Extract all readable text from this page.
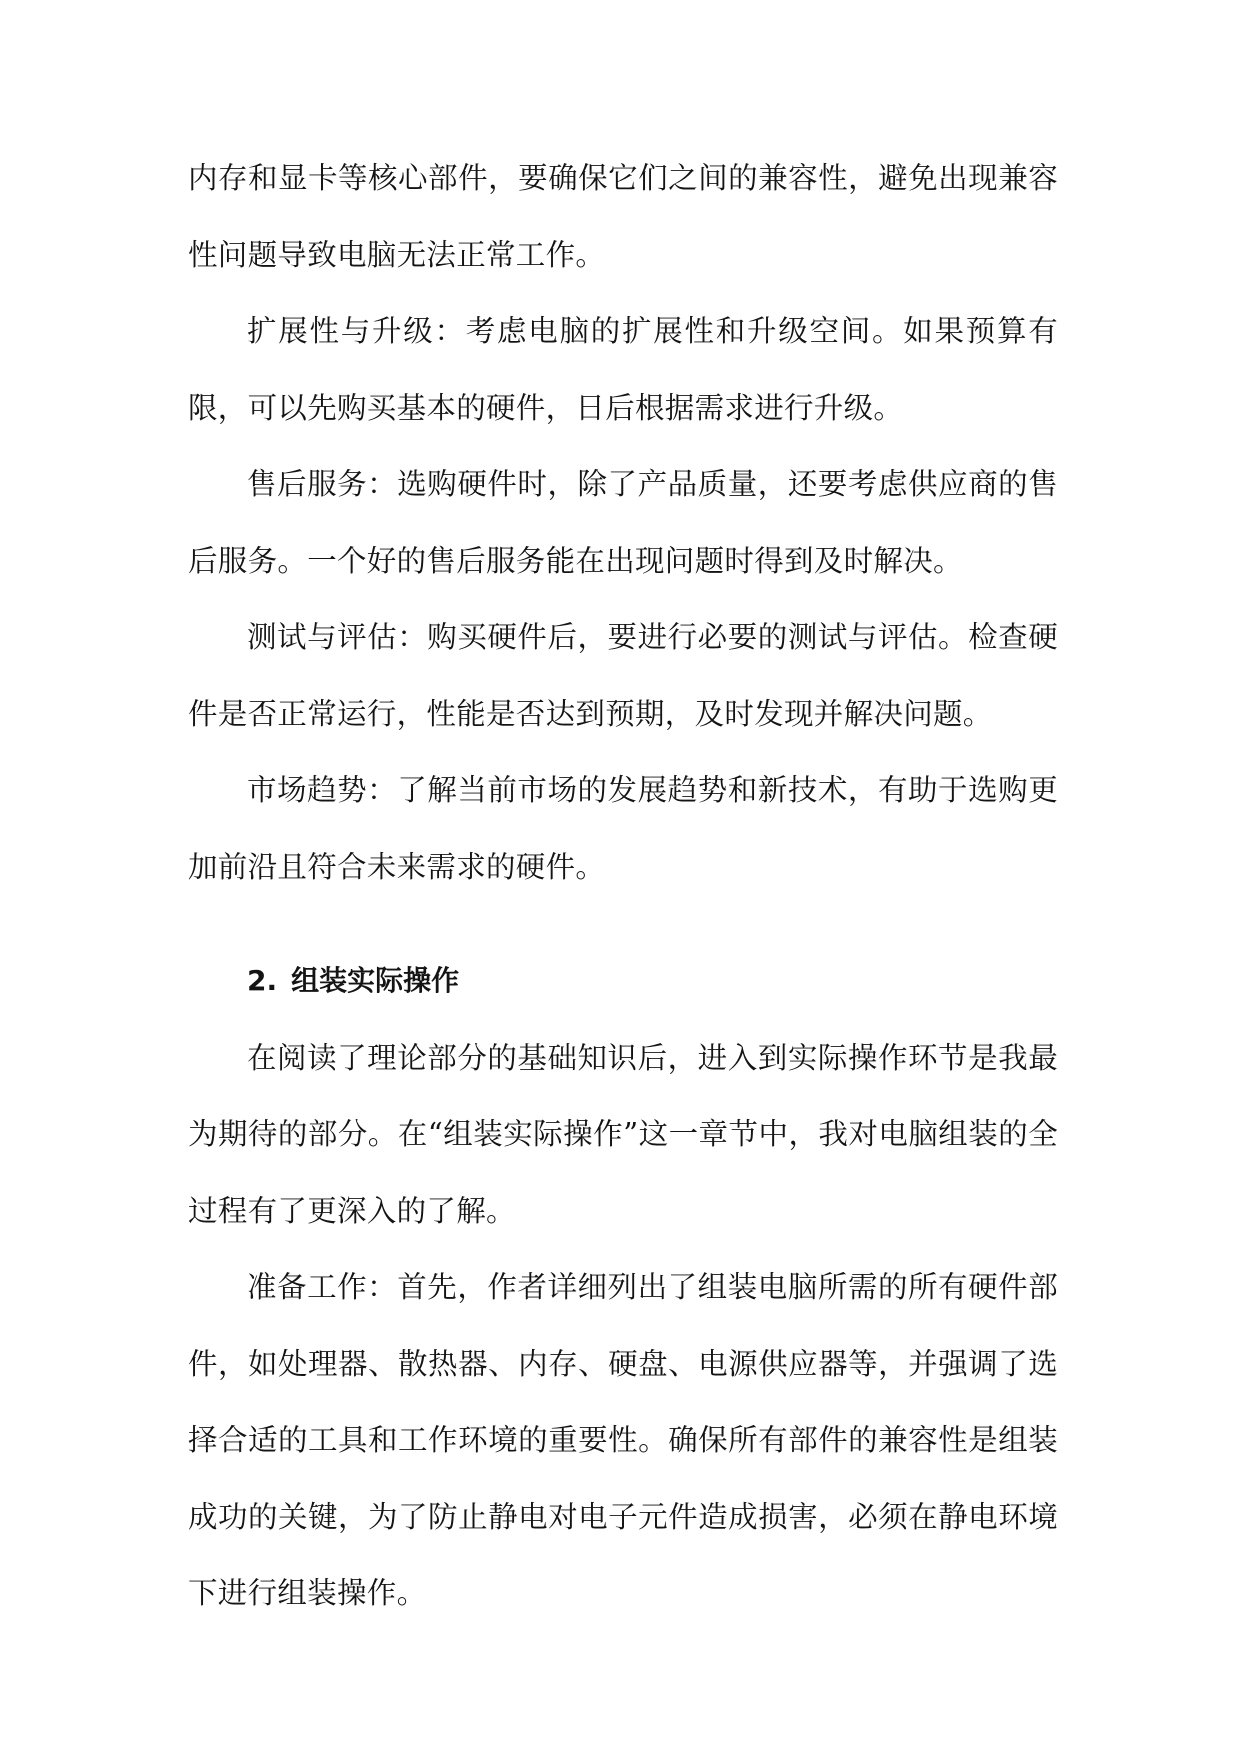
内存和显卡等核心部件，要确保它们之间的兼容性，避免出现兼容性问题导致电脑无法正常工作。

扩展性与升级：考虑电脑的扩展性和升级空间。如果预算有限，可以先购买基本的硬件，日后根据需求进行升级。

售后服务：选购硬件时，除了产品质量，还要考虑供应商的售后服务。一个好的售后服务能在出现问题时得到及时解决。

测试与评估：购买硬件后，要进行必要的测试与评估。检查硬件是否正常运行，性能是否达到预期，及时发现并解决问题。

市场趋势：了解当前市场的发展趋势和新技术，有助于选购更加前沿且符合未来需求的硬件。

2. 组装实际操作

在阅读了理论部分的基础知识后，进入到实际操作环节是我最为期待的部分。在“组装实际操作”这一章节中，我对电脑组装的全过程有了更深入的了解。

准备工作：首先，作者详细列出了组装电脑所需的所有硬件部件，如处理器、散热器、内存、硬盘、电源供应器等，并强调了选择合适的工具和工作环境的重要性。确保所有部件的兼容性是组装成功的关键，为了防止静电对电子元件造成损害，必须在静电环境下进行组装操作。
